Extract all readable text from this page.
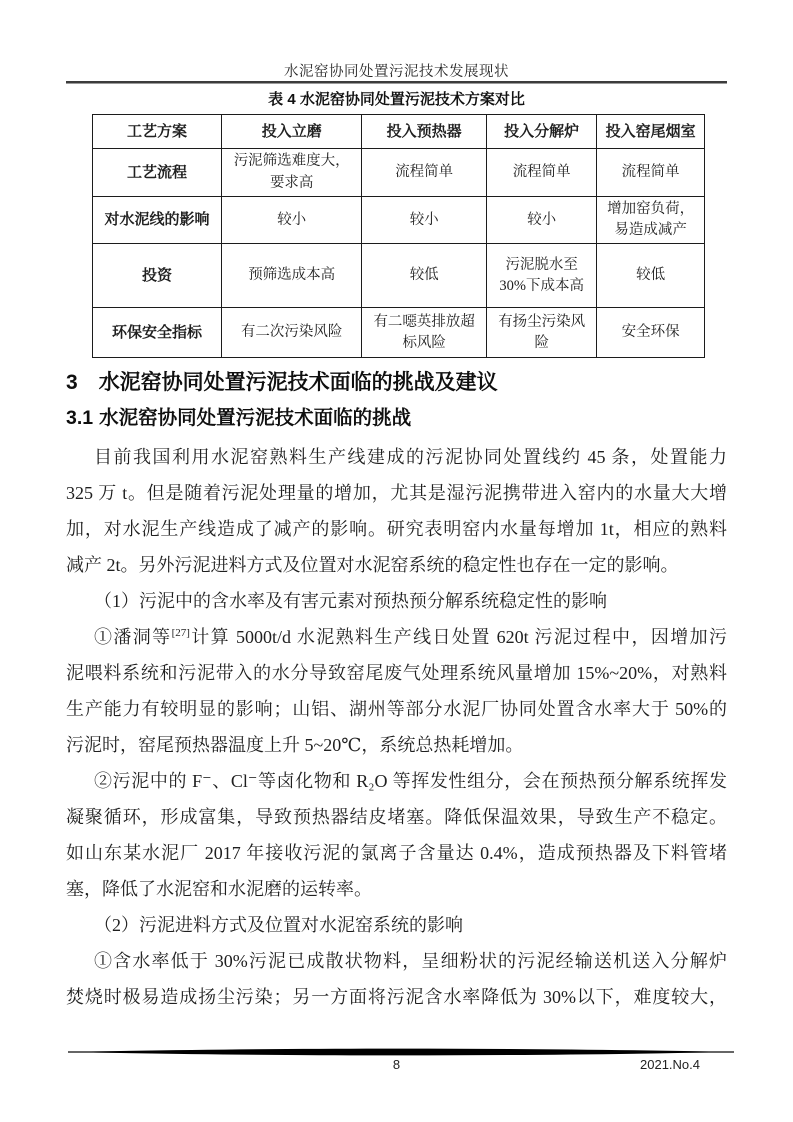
水泥窑协同处置污泥技术发展现状
表 4 水泥窑协同处置污泥技术方案对比
工艺方案	投入立磨	投入预热器	投入分解炉	投入窑尾烟室
工艺流程	污泥筛选难度大，要求高	流程简单	流程简单	流程简单
对水泥线的影响	较小	较小	较小	增加窑负荷，易造成减产
投资	预筛选成本高	较低	污泥脱水至 30%下成本高	较低
环保安全指标	有二次污染风险	有二噁英排放超标风险	有扬尘污染风险	安全环保
3 水泥窑协同处置污泥技术面临的挑战及建议
3.1 水泥窑协同处置污泥技术面临的挑战
目前我国利用水泥窑熟料生产线建成的污泥协同处置线约 45 条，处置能力
325 万 t。但是随着污泥处理量的增加，尤其是湿污泥携带进入窑内的水量大大增
加，对水泥生产线造成了减产的影响。研究表明窑内水量每增加 1t，相应的熟料
减产 2t。另外污泥进料方式及位置对水泥窑系统的稳定性也存在一定的影响。
（1）污泥中的含水率及有害元素对预热预分解系统稳定性的影响
①潘洞等[27]计算 5000t/d 水泥熟料生产线日处置 620t 污泥过程中，因增加污
泥喂料系统和污泥带入的水分导致窑尾废气处理系统风量增加 15%~20%，对熟料
生产能力有较明显的影响；山铝、湖州等部分水泥厂协同处置含水率大于 50%的
污泥时，窑尾预热器温度上升 5~20℃，系统总热耗增加。
②污泥中的 F⁻、Cl⁻等卤化物和 R₂O 等挥发性组分，会在预热预分解系统挥发
凝聚循环，形成富集，导致预热器结皮堵塞。降低保温效果，导致生产不稳定。
如山东某水泥厂 2017 年接收污泥的氯离子含量达 0.4%，造成预热器及下料管堵
塞，降低了水泥窑和水泥磨的运转率。
（2）污泥进料方式及位置对水泥窑系统的影响
①含水率低于 30%污泥已成散状物料，呈细粉状的污泥经输送机送入分解炉
焚烧时极易造成扬尘污染；另一方面将污泥含水率降低为 30%以下，难度较大，
8	2021.No.4
